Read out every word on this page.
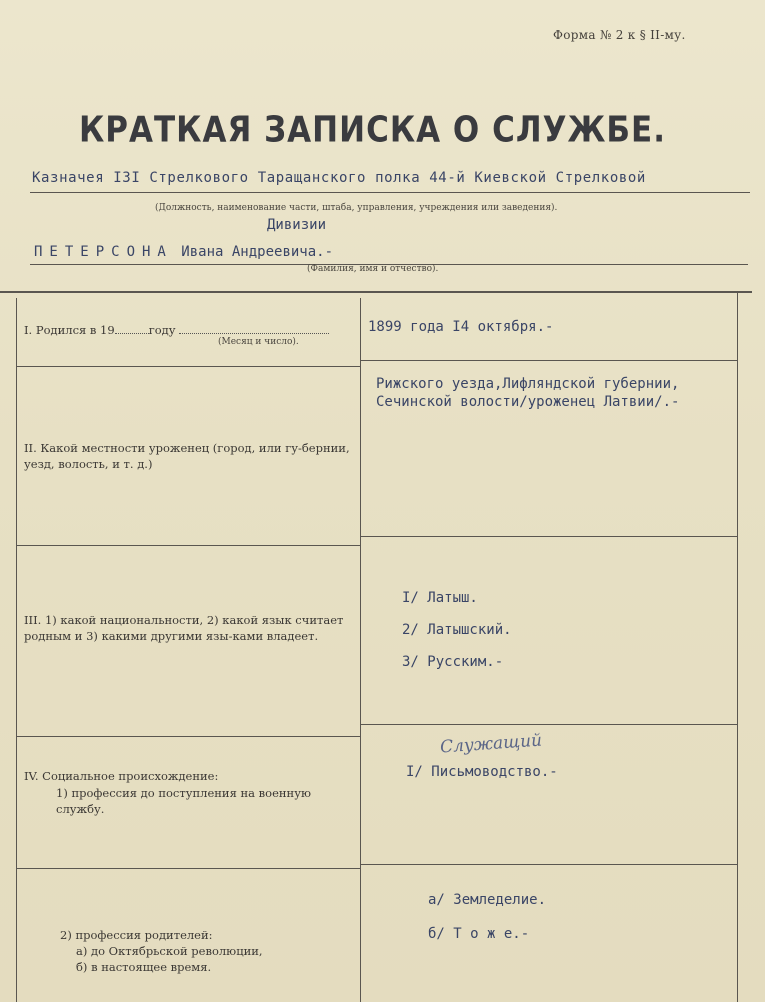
Форма № 2 к § II-му.
КРАТКАЯ ЗАПИСКА О СЛУЖБЕ.
Казначея I3I Стрелкового Таращанского полка 44-й Киевской Стрелковой
(Должность, наименование части, штаба, управления, учреждения или заведения).
Дивизии
ПЕТЕРСОНА Ивана Андреевича.-
(Фамилия, имя и отчество).
I. Родился в 19	году
(Месяц и число).
1899 года I4 октября.-
II. Какой местности уроженец (город, или гу-бернии, уезд, волость, и т. д.)
Рижского уезда,Лифляндской губернии,
Сечинской волости/уроженец Латвии/.-
III. 1) какой национальности, 2) какой язык считает родным и 3) какими другими язы-ками владеет.
I/ Латыш.
2/ Латышский.
3/ Русским.-
IV. Социальное происхождение:
1) профессия до поступления на военную службу.
Служащий
I/ Письмоводство.-
2) профессия родителей:
а) до Октябрьской революции,
б) в настоящее время.
а/ Земледелие.
б/ Т о ж е.-
